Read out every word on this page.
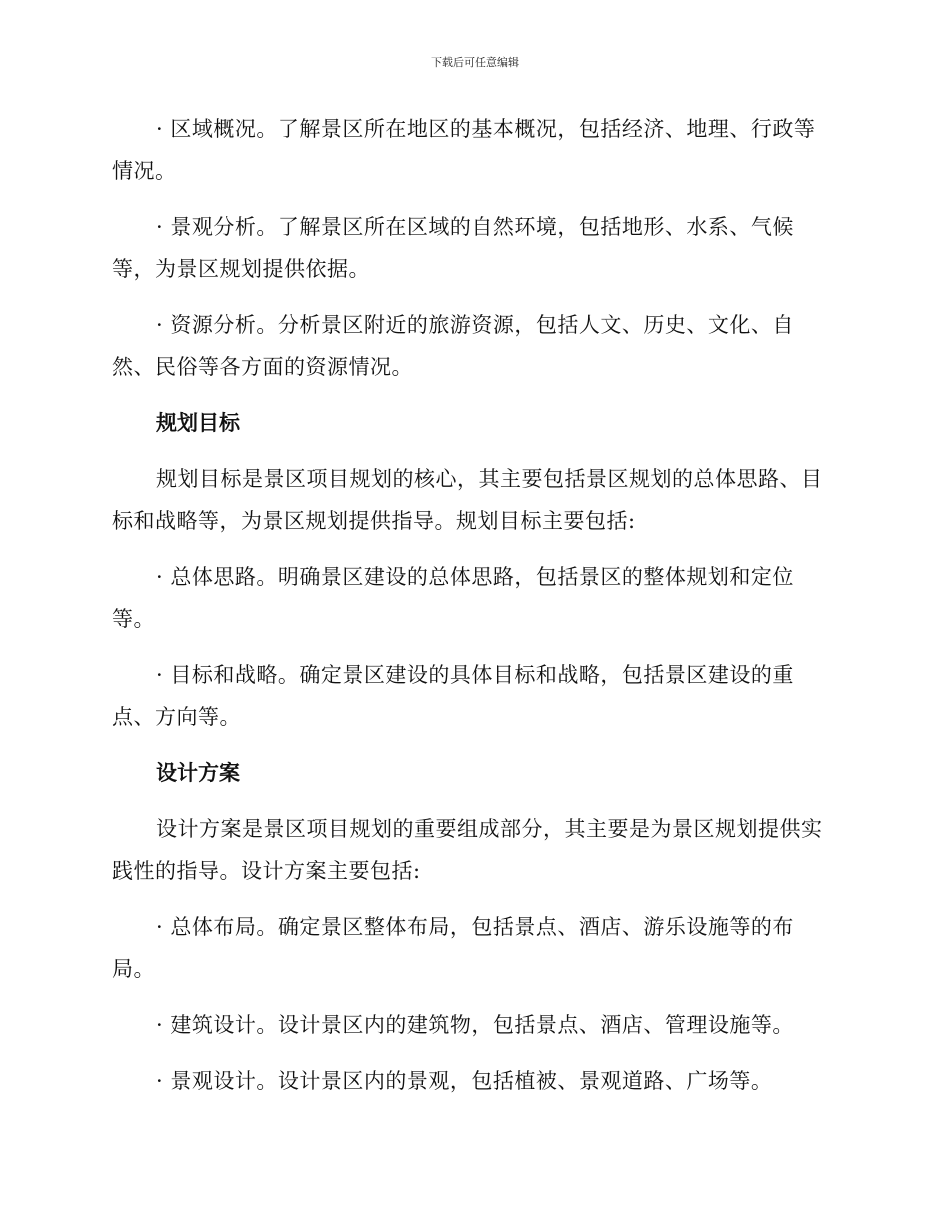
下载后可任意编辑

· 区域概况。了解景区所在地区的基本概况，包括经济、地理、行政等情况。

· 景观分析。了解景区所在区域的自然环境，包括地形、水系、气候等，为景区规划提供依据。

· 资源分析。分析景区附近的旅游资源，包括人文、历史、文化、自然、民俗等各方面的资源情况。

规划目标

规划目标是景区项目规划的核心，其主要包括景区规划的总体思路、目标和战略等，为景区规划提供指导。规划目标主要包括:

· 总体思路。明确景区建设的总体思路，包括景区的整体规划和定位等。

· 目标和战略。确定景区建设的具体目标和战略，包括景区建设的重点、方向等。

设计方案

设计方案是景区项目规划的重要组成部分，其主要是为景区规划提供实践性的指导。设计方案主要包括:

· 总体布局。确定景区整体布局，包括景点、酒店、游乐设施等的布局。

· 建筑设计。设计景区内的建筑物，包括景点、酒店、管理设施等。

· 景观设计。设计景区内的景观，包括植被、景观道路、广场等。
